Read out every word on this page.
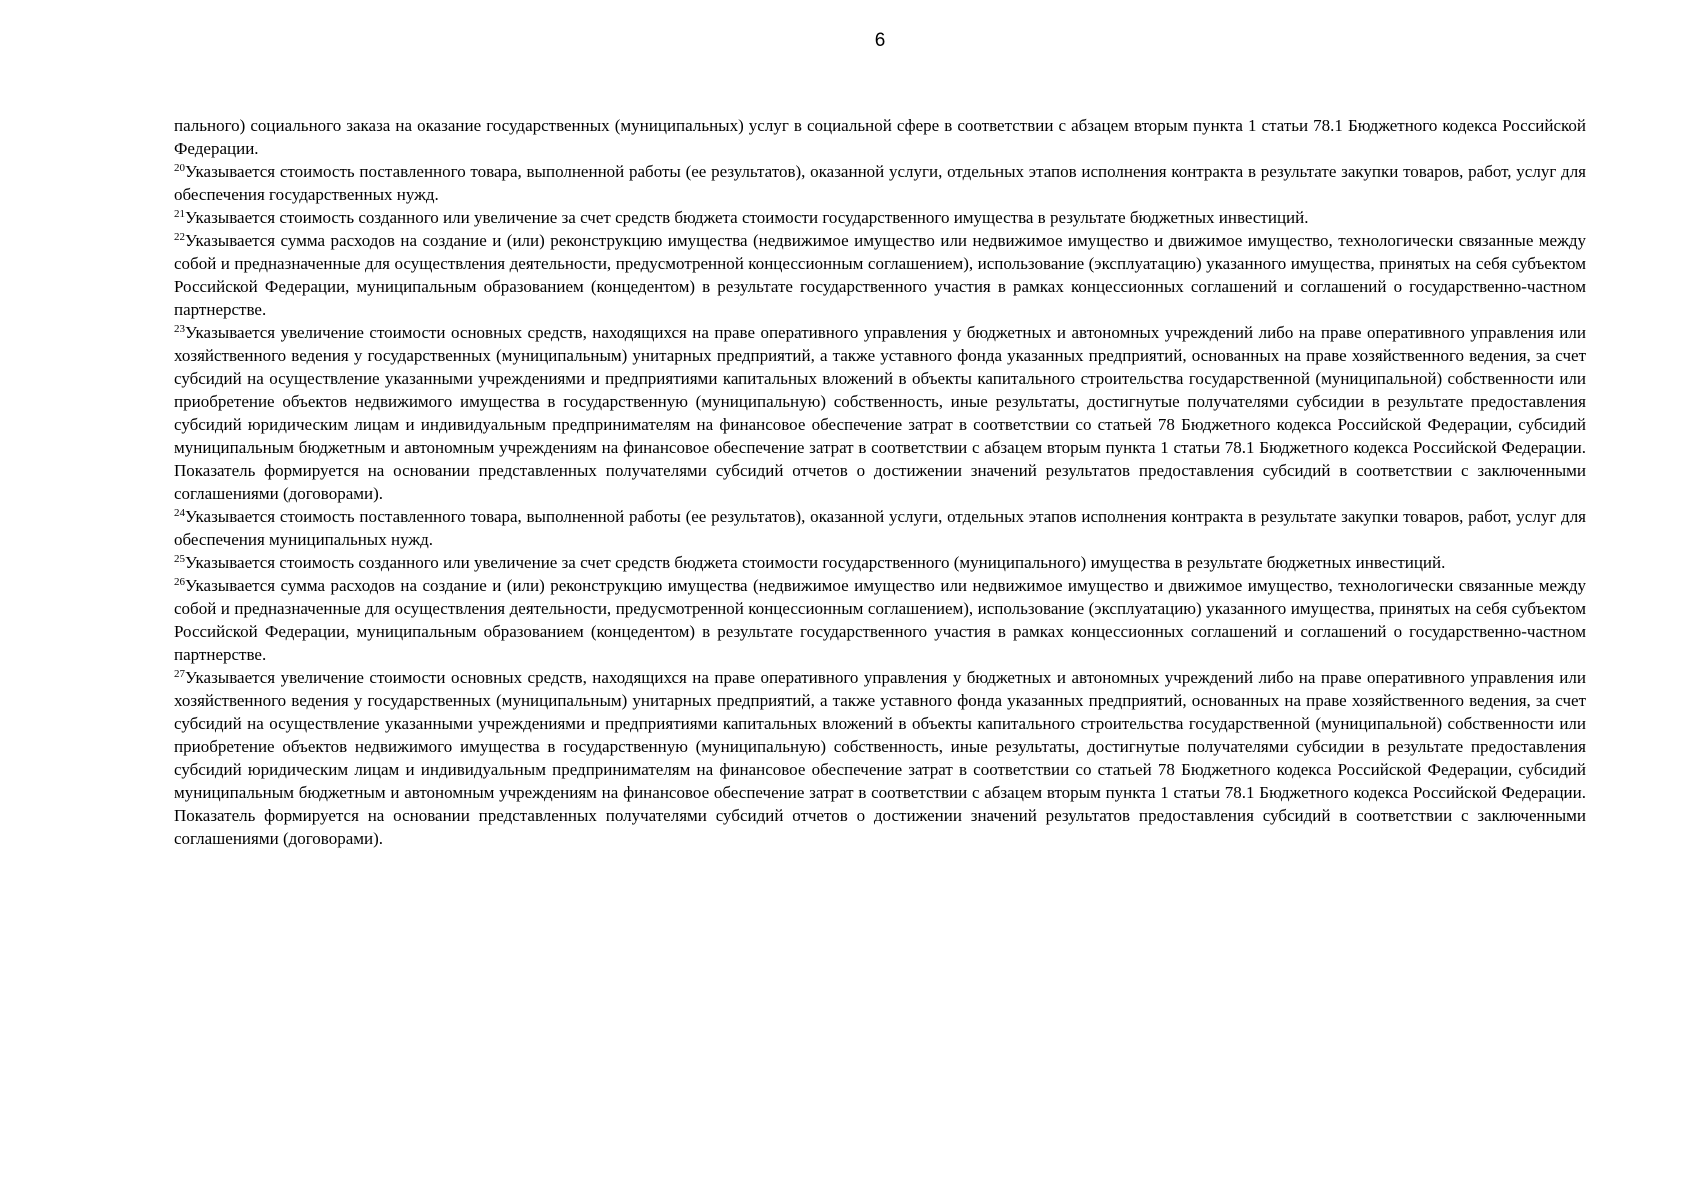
6

пального) социального заказа на оказание государственных (муниципальных) услуг в социальной сфере в соответствии с абзацем вторым пункта 1 статьи 78.1 Бюджетного кодекса Российской Федерации.

$^{20}$Указывается стоимость поставленного товара, выполненной работы (ее результатов), оказанной услуги, отдельных этапов исполнения контракта в результате закупки товаров, работ, услуг для обеспечения государственных нужд.

$^{21}$Указывается стоимость созданного или увеличение за счет средств бюджета стоимости государственного имущества в результате бюджетных инвестиций.

$^{22}$Указывается сумма расходов на создание и (или) реконструкцию имущества (недвижимое имущество или недвижимое имущество и движимое имущество, технологически связанные между собой и предназначенные для осуществления деятельности, предусмотренной концессионным соглашением), использование (эксплуатацию) указанного имущества, принятых на себя субъектом Российской Федерации, муниципальным образованием (концедентом) в результате государственного участия в рамках концессионных соглашений и соглашений о государственно-частном партнерстве.

$^{23}$Указывается увеличение стоимости основных средств, находящихся на праве оперативного управления у бюджетных и автономных учреждений либо на праве оперативного управления или хозяйственного ведения у государственных (муниципальным) унитарных предприятий, а также уставного фонда указанных предприятий, основанных на праве хозяйственного ведения, за счет субсидий на осуществление указанными учреждениями и предприятиями капитальных вложений в объекты капитального строительства государственной (муниципальной) собственности или приобретение объектов недвижимого имущества в государственную (муниципальную) собственность, иные результаты, достигнутые получателями субсидии в результате предоставления субсидий юридическим лицам и индивидуальным предпринимателям на финансовое обеспечение затрат в соответствии со статьей 78 Бюджетного кодекса Российской Федерации, субсидий муниципальным бюджетным и автономным учреждениям на финансовое обеспечение затрат в соответствии с абзацем вторым пункта 1 статьи 78.1 Бюджетного кодекса Российской Федерации. Показатель формируется на основании представленных получателями субсидий отчетов о достижении значений результатов предоставления субсидий в соответствии с заключенными соглашениями (договорами).

$^{24}$Указывается стоимость поставленного товара, выполненной работы (ее результатов), оказанной услуги, отдельных этапов исполнения контракта в результате закупки товаров, работ, услуг для обеспечения муниципальных нужд.

$^{25}$Указывается стоимость созданного или увеличение за счет средств бюджета стоимости государственного (муниципального) имущества в результате бюджетных инвестиций.

$^{26}$Указывается сумма расходов на создание и (или) реконструкцию имущества (недвижимое имущество или недвижимое имущество и движимое имущество, технологически связанные между собой и предназначенные для осуществления деятельности, предусмотренной концессионным соглашением), использование (эксплуатацию) указанного имущества, принятых на себя субъектом Российской Федерации, муниципальным образованием (концедентом) в результате государственного участия в рамках концессионных соглашений и соглашений о государственно-частном партнерстве.

$^{27}$Указывается увеличение стоимости основных средств, находящихся на праве оперативного управления у бюджетных и автономных учреждений либо на праве оперативного управления или хозяйственного ведения у государственных (муниципальным) унитарных предприятий, а также уставного фонда указанных предприятий, основанных на праве хозяйственного ведения, за счет субсидий на осуществление указанными учреждениями и предприятиями капитальных вложений в объекты капитального строительства государственной (муниципальной) собственности или приобретение объектов недвижимого имущества в государственную (муниципальную) собственность, иные результаты, достигнутые получателями субсидии в результате предоставления субсидий юридическим лицам и индивидуальным предпринимателям на финансовое обеспечение затрат в соответствии со статьей 78 Бюджетного кодекса Российской Федерации, субсидий муниципальным бюджетным и автономным учреждениям на финансовое обеспечение затрат в соответствии с абзацем вторым пункта 1 статьи 78.1 Бюджетного кодекса Российской Федерации. Показатель формируется на основании представленных получателями субсидий отчетов о достижении значений результатов предоставления субсидий в соответствии с заключенными соглашениями (договорами).
